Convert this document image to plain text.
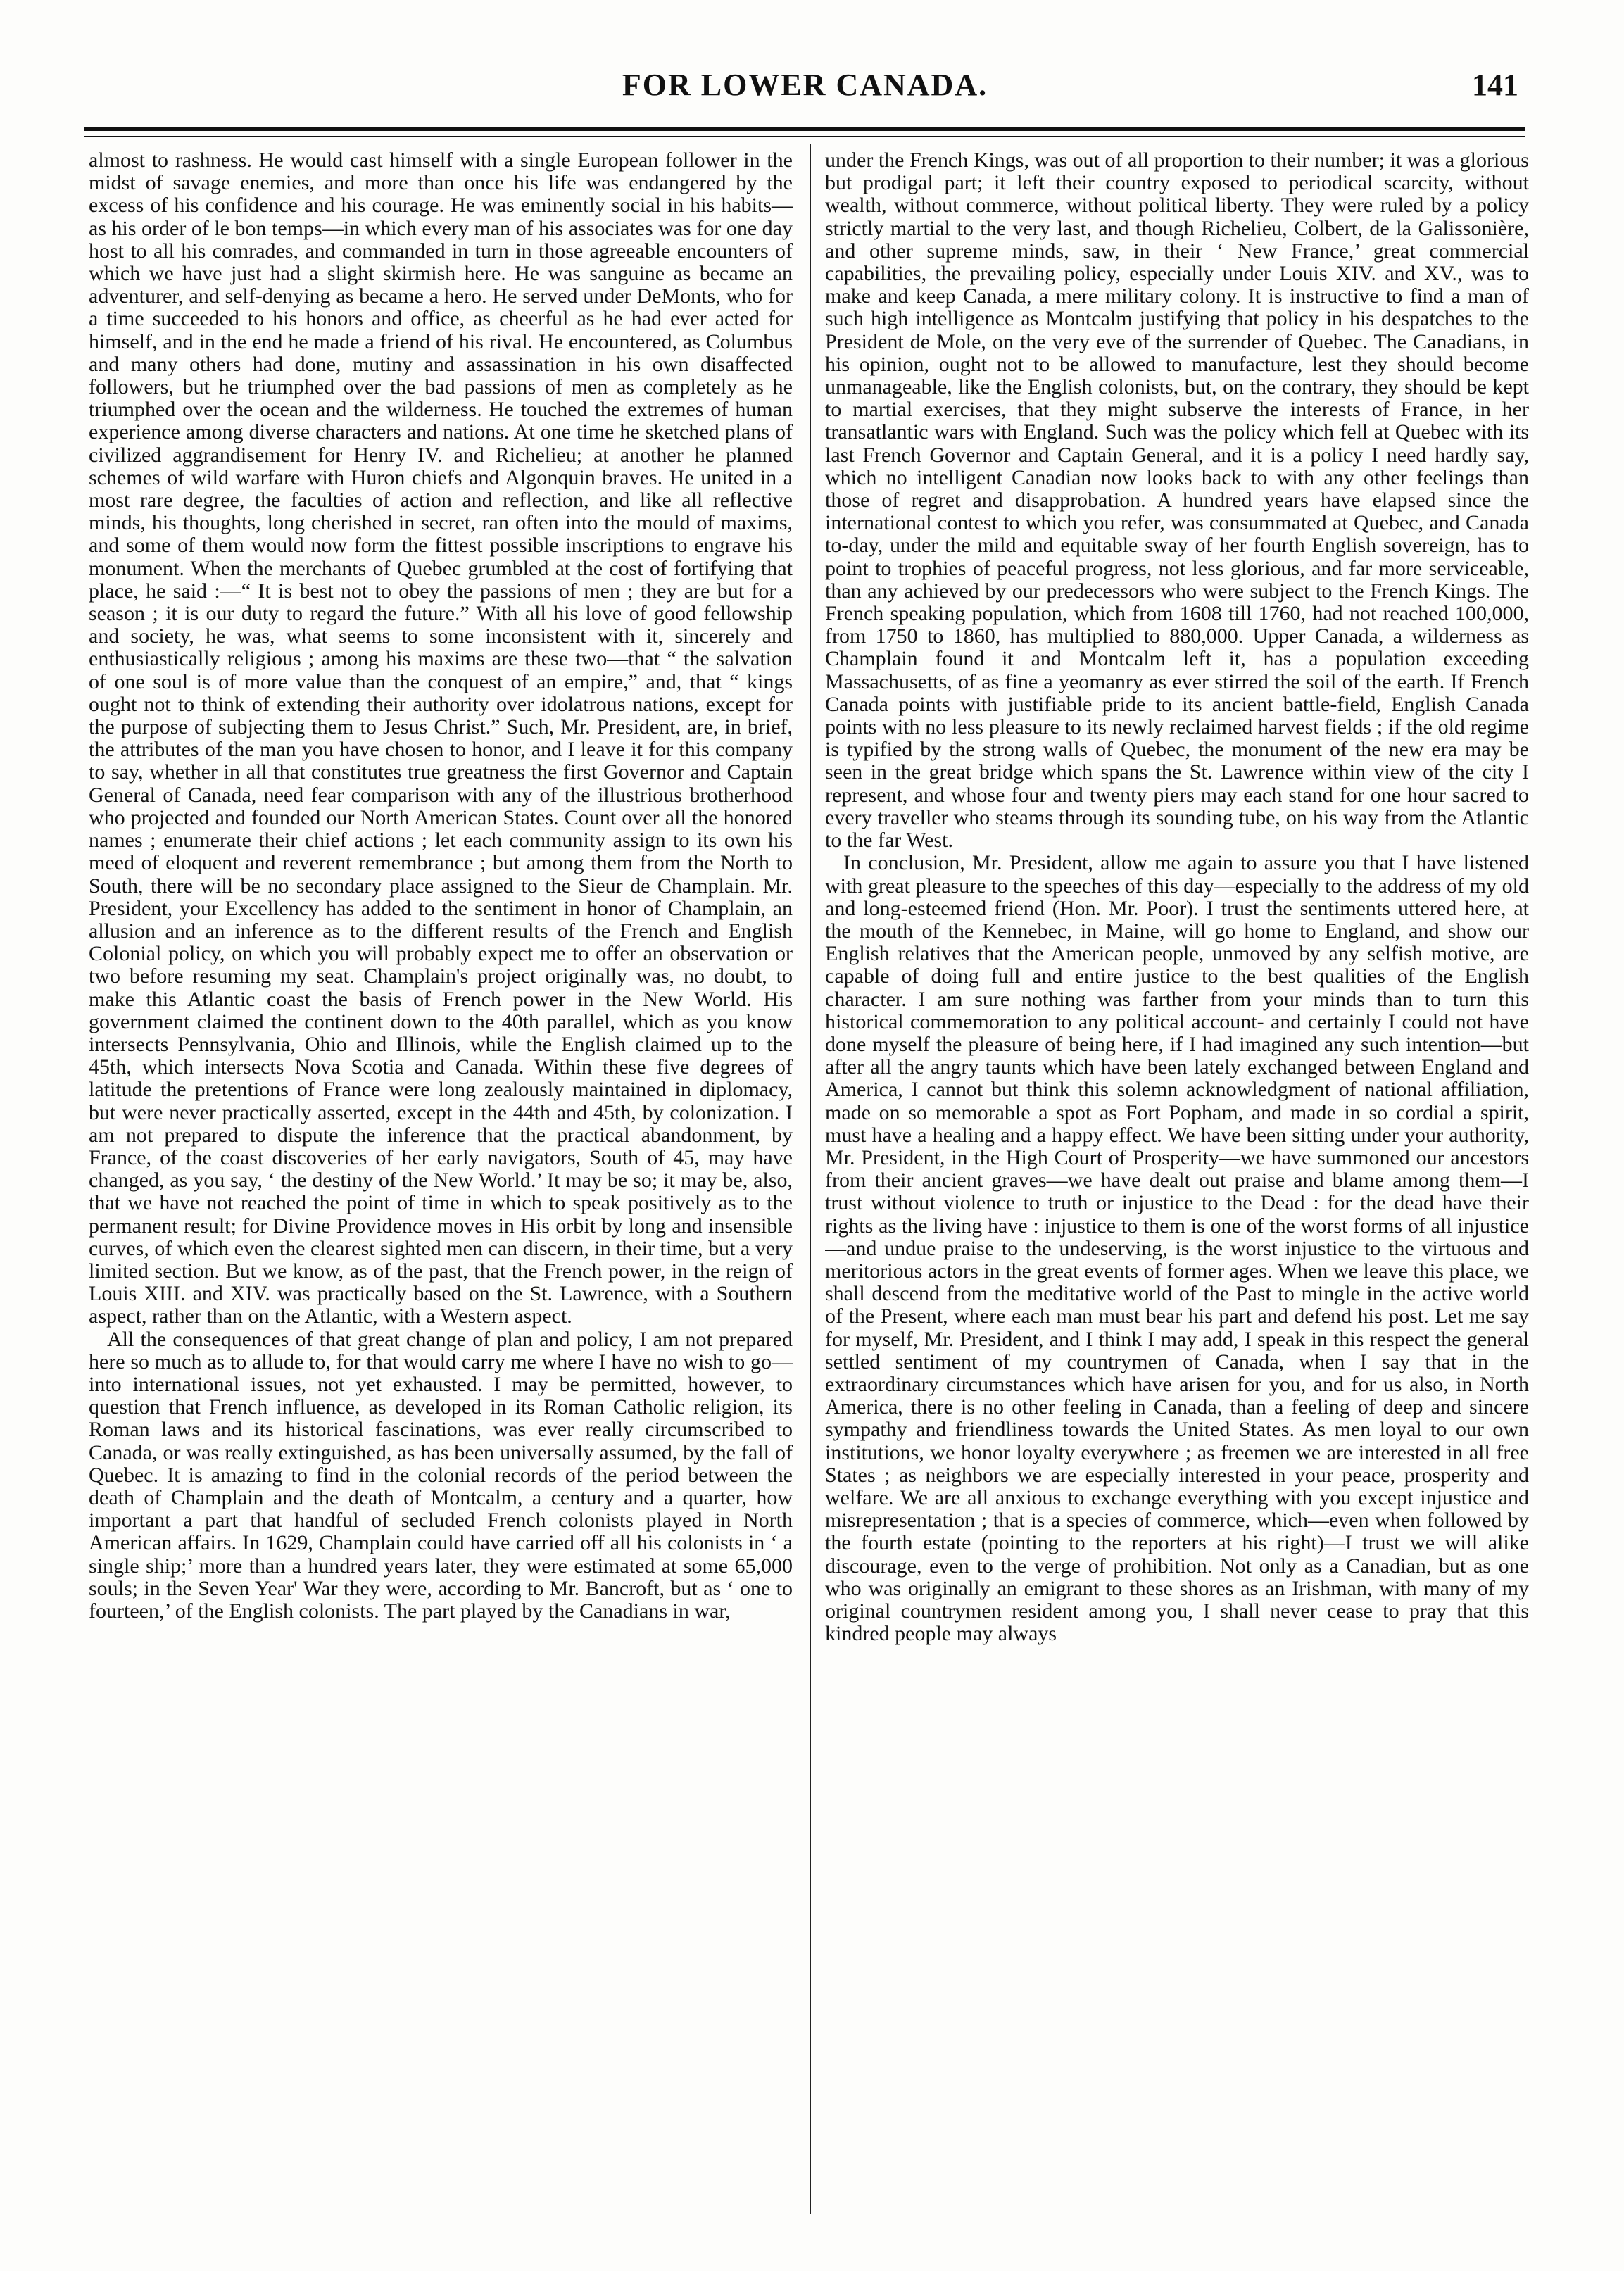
FOR LOWER CANADA.	141

almost to rashness. He would cast himself with a single European follower in the midst of savage enemies, and more than once his life was endangered by the excess of his confidence and his courage. He was eminently social in his habits—as his order of le bon temps—in which every man of his associates was for one day host to all his comrades, and commanded in turn in those agreeable encounters of which we have just had a slight skirmish here. He was sanguine as became an adventurer, and self-denying as became a hero. He served under DeMonts, who for a time succeeded to his honors and office, as cheerful as he had ever acted for himself, and in the end he made a friend of his rival. He encountered, as Columbus and many others had done, mutiny and assassination in his own disaffected followers, but he triumphed over the bad passions of men as completely as he triumphed over the ocean and the wilderness. He touched the extremes of human experience among diverse characters and nations. At one time he sketched plans of civilized aggrandisement for Henry IV. and Richelieu; at another he planned schemes of wild warfare with Huron chiefs and Algonquin braves. He united in a most rare degree, the faculties of action and reflection, and like all reflective minds, his thoughts, long cherished in secret, ran often into the mould of maxims, and some of them would now form the fittest possible inscriptions to engrave his monument. When the merchants of Quebec grumbled at the cost of fortifying that place, he said :—“ It is best not to obey the passions of men ; they are but for a season ; it is our duty to regard the future.” With all his love of good fellowship and society, he was, what seems to some inconsistent with it, sincerely and enthusiastically religious ; among his maxims are these two—that “ the salvation of one soul is of more value than the conquest of an empire,” and, that “ kings ought not to think of extending their authority over idolatrous nations, except for the purpose of subjecting them to Jesus Christ.” Such, Mr. President, are, in brief, the attributes of the man you have chosen to honor, and I leave it for this company to say, whether in all that constitutes true greatness the first Governor and Captain General of Canada, need fear comparison with any of the illustrious brotherhood who projected and founded our North American States. Count over all the honored names ; enumerate their chief actions ; let each community assign to its own his meed of eloquent and reverent remembrance ; but among them from the North to South, there will be no secondary place assigned to the Sieur de Champlain. Mr. President, your Excellency has added to the sentiment in honor of Champlain, an allusion and an inference as to the different results of the French and English Colonial policy, on which you will probably expect me to offer an observation or two before resuming my seat. Champlain's project originally was, no doubt, to make this Atlantic coast the basis of French power in the New World. His government claimed the continent down to the 40th parallel, which as you know intersects Pennsylvania, Ohio and Illinois, while the English claimed up to the 45th, which intersects Nova Scotia and Canada. Within these five degrees of latitude the pretentions of France were long zealously maintained in diplomacy, but were never practically asserted, except in the 44th and 45th, by colonization. I am not prepared to dispute the inference that the practical abandonment, by France, of the coast discoveries of her early navigators, South of 45, may have changed, as you say, ‘ the destiny of the New World.’ It may be so; it may be, also, that we have not reached the point of time in which to speak positively as to the permanent result; for Divine Providence moves in His orbit by long and insensible curves, of which even the clearest sighted men can discern, in their time, but a very limited section. But we know, as of the past, that the French power, in the reign of Louis XIII. and XIV. was practically based on the St. Lawrence, with a Southern aspect, rather than on the Atlantic, with a Western aspect.

All the consequences of that great change of plan and policy, I am not prepared here so much as to allude to, for that would carry me where I have no wish to go—into international issues, not yet exhausted. I may be permitted, however, to question that French influence, as developed in its Roman Catholic religion, its Roman laws and its historical fascinations, was ever really circumscribed to Canada, or was really extinguished, as has been universally assumed, by the fall of Quebec. It is amazing to find in the colonial records of the period between the death of Champlain and the death of Montcalm, a century and a quarter, how important a part that handful of secluded French colonists played in North American affairs. In 1629, Champlain could have carried off all his colonists in ‘ a single ship;’ more than a hundred years later, they were estimated at some 65,000 souls; in the Seven Year' War they were, according to Mr. Bancroft, but as ‘ one to fourteen,’ of the English colonists. The part played by the Canadians in war,

under the French Kings, was out of all proportion to their number; it was a glorious but prodigal part; it left their country exposed to periodical scarcity, without wealth, without commerce, without political liberty. They were ruled by a policy strictly martial to the very last, and though Richelieu, Colbert, de la Galissonière, and other supreme minds, saw, in their ‘ New France,’ great commercial capabilities, the prevailing policy, especially under Louis XIV. and XV., was to make and keep Canada, a mere military colony. It is instructive to find a man of such high intelligence as Montcalm justifying that policy in his despatches to the President de Mole, on the very eve of the surrender of Quebec. The Canadians, in his opinion, ought not to be allowed to manufacture, lest they should become unmanageable, like the English colonists, but, on the contrary, they should be kept to martial exercises, that they might subserve the interests of France, in her transatlantic wars with England. Such was the policy which fell at Quebec with its last French Governor and Captain General, and it is a policy I need hardly say, which no intelligent Canadian now looks back to with any other feelings than those of regret and disapprobation. A hundred years have elapsed since the international contest to which you refer, was consummated at Quebec, and Canada to-day, under the mild and equitable sway of her fourth English sovereign, has to point to trophies of peaceful progress, not less glorious, and far more serviceable, than any achieved by our predecessors who were subject to the French Kings. The French speaking population, which from 1608 till 1760, had not reached 100,000, from 1750 to 1860, has multiplied to 880,000. Upper Canada, a wilderness as Champlain found it and Montcalm left it, has a population exceeding Massachusetts, of as fine a yeomanry as ever stirred the soil of the earth. If French Canada points with justifiable pride to its ancient battle-field, English Canada points with no less pleasure to its newly reclaimed harvest fields ; if the old regime is typified by the strong walls of Quebec, the monument of the new era may be seen in the great bridge which spans the St. Lawrence within view of the city I represent, and whose four and twenty piers may each stand for one hour sacred to every traveller who steams through its sounding tube, on his way from the Atlantic to the far West.

In conclusion, Mr. President, allow me again to assure you that I have listened with great pleasure to the speeches of this day—especially to the address of my old and long-esteemed friend (Hon. Mr. Poor). I trust the sentiments uttered here, at the mouth of the Kennebec, in Maine, will go home to England, and show our English relatives that the American people, unmoved by any selfish motive, are capable of doing full and entire justice to the best qualities of the English character. I am sure nothing was farther from your minds than to turn this historical commemoration to any political account- and certainly I could not have done myself the pleasure of being here, if I had imagined any such intention—but after all the angry taunts which have been lately exchanged between England and America, I cannot but think this solemn acknowledgment of national affiliation, made on so memorable a spot as Fort Popham, and made in so cordial a spirit, must have a healing and a happy effect. We have been sitting under your authority, Mr. President, in the High Court of Prosperity—we have summoned our ancestors from their ancient graves—we have dealt out praise and blame among them—I trust without violence to truth or injustice to the Dead : for the dead have their rights as the living have : injustice to them is one of the worst forms of all injustice—and undue praise to the undeserving, is the worst injustice to the virtuous and meritorious actors in the great events of former ages. When we leave this place, we shall descend from the meditative world of the Past to mingle in the active world of the Present, where each man must bear his part and defend his post. Let me say for myself, Mr. President, and I think I may add, I speak in this respect the general settled sentiment of my countrymen of Canada, when I say that in the extraordinary circumstances which have arisen for you, and for us also, in North America, there is no other feeling in Canada, than a feeling of deep and sincere sympathy and friendliness towards the United States. As men loyal to our own institutions, we honor loyalty everywhere ; as freemen we are interested in all free States ; as neighbors we are especially interested in your peace, prosperity and welfare. We are all anxious to exchange everything with you except injustice and misrepresentation ; that is a species of commerce, which—even when followed by the fourth estate (pointing to the reporters at his right)—I trust we will alike discourage, even to the verge of prohibition. Not only as a Canadian, but as one who was originally an emigrant to these shores as an Irishman, with many of my original countrymen resident among you, I shall never cease to pray that this kindred people may always
